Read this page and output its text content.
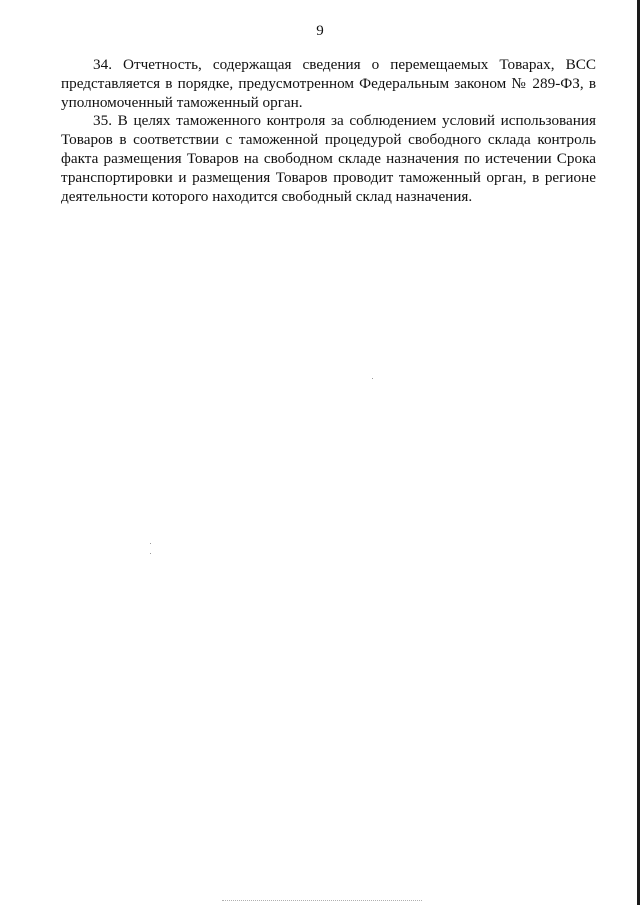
9

34. Отчетность, содержащая сведения о перемещаемых Товарах, ВСС представляется в порядке, предусмотренном Федеральным законом № 289-ФЗ, в уполномоченный таможенный орган.

35. В целях таможенного контроля за соблюдением условий использования Товаров в соответствии с таможенной процедурой свободного склада контроль факта размещения Товаров на свободном складе назначения по истечении Срока транспортировки и размещения Товаров проводит таможенный орган, в регионе деятельности которого находится свободный склад назначения.
